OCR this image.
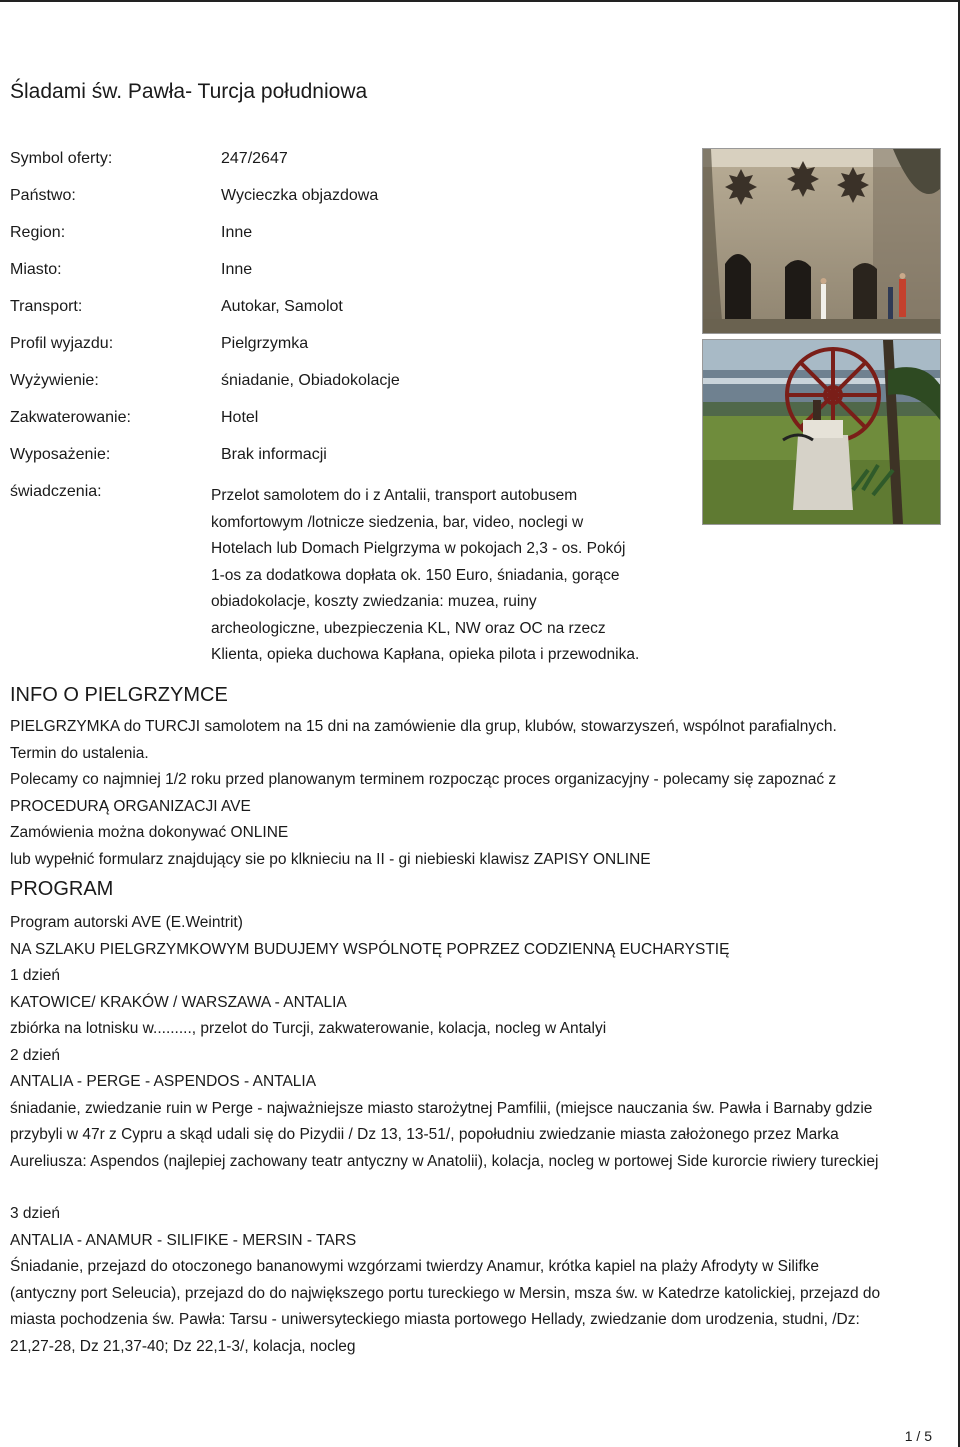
Śladami św. Pawła- Turcja południowa
Symbol oferty:	247/2647
Państwo:	Wycieczka objazdowa
Region:	Inne
Miasto:	Inne
Transport:	Autokar, Samolot
Profil wyjazdu:	Pielgrzymka
Wyżywienie:	śniadanie, Obiadokolacje
Zakwaterowanie:	Hotel
Wyposażenie:	Brak informacji
świadczenia:	Przelot samolotem do i z Antalii, transport autobusem
komfortowym /lotnicze siedzenia, bar, video, noclegi w
Hotelach lub Domach Pielgrzyma w pokojach 2,3 - os. Pokój
1-os za dodatkowa dopłata ok. 150 Euro, śniadania, gorące
obiadokolacje, koszty zwiedzania: muzea, ruiny
archeologiczne, ubezpieczenia KL, NW oraz OC na rzecz
Klienta, opieka duchowa Kapłana, opieka pilota i przewodnika.
INFO O PIELGRZYMCE
PIELGRZYMKA do TURCJI samolotem na 15 dni na zamówienie dla grup, klubów, stowarzyszeń, wspólnot parafialnych.
Termin do ustalenia.
Polecamy co najmniej 1/2 roku przed planowanym terminem rozpocząc proces organizacyjny - polecamy się zapoznać z
PROCEDURĄ ORGANIZACJI AVE
Zamówienia można dokonywać ONLINE
lub wypełnić formularz znajdujący sie po klknieciu na II - gi niebieski klawisz ZAPISY ONLINE
PROGRAM
Program autorski AVE (E.Weintrit)
NA SZLAKU PIELGRZYMKOWYM BUDUJEMY WSPÓLNOTĘ POPRZEZ CODZIENNĄ EUCHARYSTIĘ
1 dzień
KATOWICE/ KRAKÓW / WARSZAWA - ANTALIA
zbiórka na lotnisku w........., przelot do Turcji, zakwaterowanie, kolacja, nocleg w Antalyi
2 dzień
ANTALIA - PERGE - ASPENDOS - ANTALIA
śniadanie, zwiedzanie ruin w Perge - najważniejsze miasto starożytnej Pamfilii, (miejsce nauczania św. Pawła i Barnaby gdzie
przybyli w 47r z Cypru a skąd udali się do Pizydii / Dz 13, 13-51/, popołudniu zwiedzanie miasta założonego przez Marka
Aureliusza: Aspendos (najlepiej zachowany teatr antyczny w Anatolii), kolacja, nocleg w portowej Side kurorcie riwiery tureckiej
3 dzień
ANTALIA - ANAMUR - SILIFIKE - MERSIN - TARS
Śniadanie, przejazd do otoczonego bananowymi wzgórzami twierdzy Anamur, krótka kapiel na plaży Afrodyty w Silifke
(antyczny port Seleucia), przejazd do do największego portu tureckiego w Mersin, msza św. w Katedrze katolickiej, przejazd do
miasta pochodzenia św. Pawła: Tarsu - uniwersyteckiego miasta portowego Hellady, zwiedzanie dom urodzenia, studni, /Dz:
21,27-28, Dz 21,37-40; Dz 22,1-3/, kolacja, nocleg
1 / 5
